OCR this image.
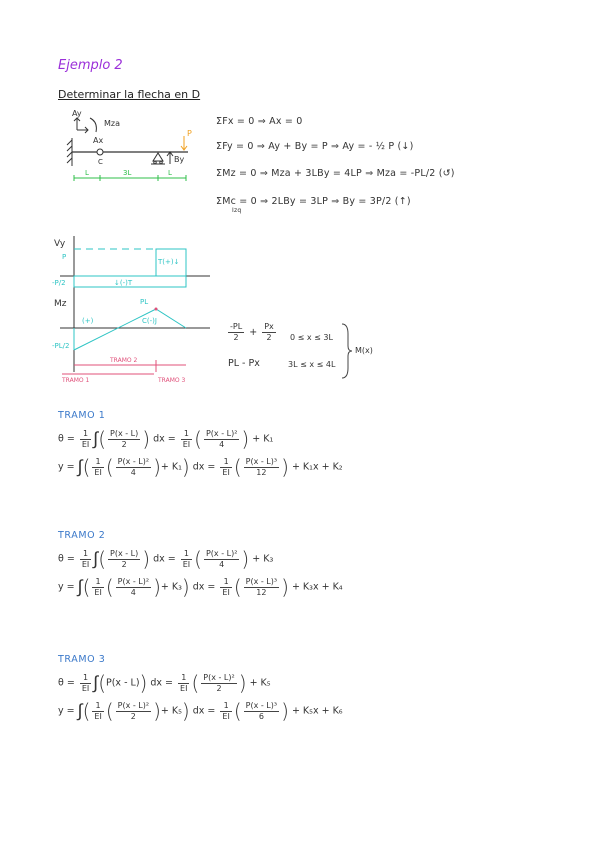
Ejemplo 2
Determinar la flecha en D
Ay
Mza
Ax
C	By
P
L	3L	L
ΣFx = 0 ⇒ Ax = 0
ΣFy = 0 ⇒ Ay + By = P ⇒ Ay = - ½ P (↓)
ΣMz = 0 ⇒ Mza + 3LBy = 4LP ⇒ Mza = -PL/2 (↺)
ΣMc = 0 ⇒ 2LBy = 3LP ⇒ By = 3P/2 (↑)
Izq
Vy
P
-P/2
Mz	PL
-PL/2
T(+)↓
↓(-)T
(+)	C(-)J
TRAMO 2
TRAMO 1	TRAMO 3
$\frac{-PL}{2} + \frac{Px}{2} 0 \le x \le 3L$
PL - Px	3L ≤ x ≤ 4L
M(x)
TRAMO 1
$\theta = \frac{1}{EI}$ ∫( $\frac{P(x - L)}{2}$ ) dx = $\frac{1}{EI}$ ( $\frac{\text{P(x - L)²}}{4}$ ) + K₁
y = ∫( $\frac{1}{EI}$ ( $\frac{\text{P(x - L)²}}{4}$ )+ K₁) dx = $\frac{1}{EI}$ ( $\frac{\text{P(x - L)³}}{12}$ ) + K₁x + K₂
TRAMO 2
$\theta = \frac{1}{EI}$ ∫( $\frac{P(x - L)}{2}$ ) dx = $\frac{1}{EI}$ ( $\frac{\text{P(x - L)²}}{4}$ ) + K₃
y = ∫( $\frac{1}{EI}$ ( $\frac{\text{P(x - L)²}}{4}$ )+ K₃) dx = $\frac{1}{EI}$ ( $\frac{\text{P(x - L)³}}{12}$ ) + K₃x + K₄
TRAMO 3
$\theta = \frac{1}{EI} \int(P(x - L))$ dx = $\frac{1}{EI}$ ( $\frac{\text{P(x - L)²}}{2}$ ) + K₅
y = ∫( $\frac{1}{EI}$ ( $\frac{\text{P(x - L)²}}{2}$ )+ K₅) dx = $\frac{1}{EI}$ ( $\frac{\text{P(x - L)³}}{6}$ ) + K₅x + K₆
